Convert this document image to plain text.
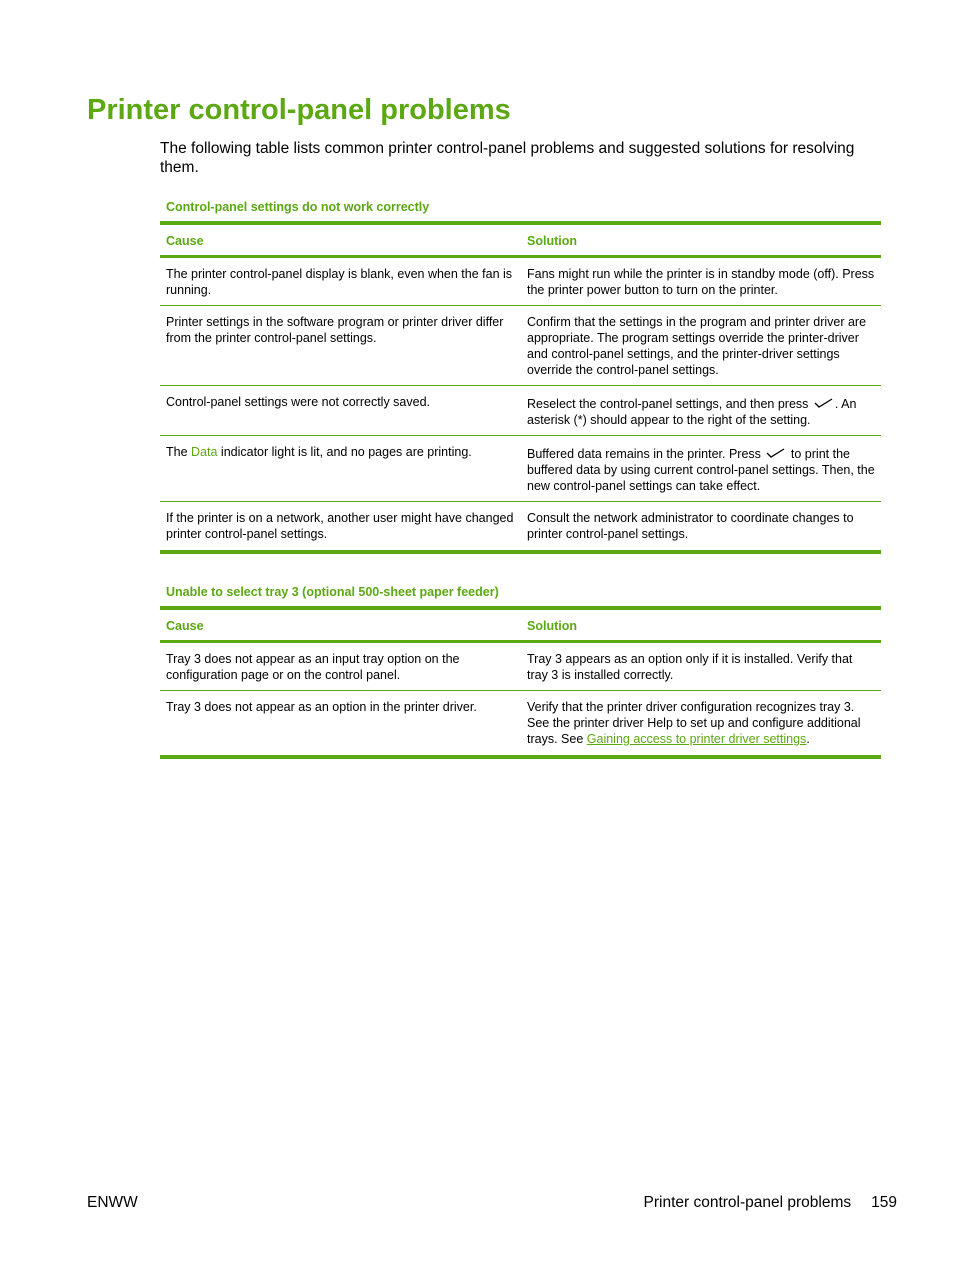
Printer control-panel problems

The following table lists common printer control-panel problems and suggested solutions for resolving them.

Control-panel settings do not work correctly

Cause	Solution
The printer control-panel display is blank, even when the fan is running.	Fans might run while the printer is in standby mode (off). Press the printer power button to turn on the printer.
Printer settings in the software program or printer driver differ from the printer control-panel settings.	Confirm that the settings in the program and printer driver are appropriate. The program settings override the printer-driver and control-panel settings, and the printer-driver settings override the control-panel settings.
Control-panel settings were not correctly saved.	Reselect the control-panel settings, and then press . An asterisk (*) should appear to the right of the setting.
The Data indicator light is lit, and no pages are printing.	Buffered data remains in the printer. Press to print the buffered data by using current control-panel settings. Then, the new control-panel settings can take effect.
If the printer is on a network, another user might have changed printer control-panel settings.	Consult the network administrator to coordinate changes to printer control-panel settings.

Unable to select tray 3 (optional 500-sheet paper feeder)

Cause	Solution
Tray 3 does not appear as an input tray option on the configuration page or on the control panel.	Tray 3 appears as an option only if it is installed. Verify that tray 3 is installed correctly.
Tray 3 does not appear as an option in the printer driver.	Verify that the printer driver configuration recognizes tray 3. See the printer driver Help to set up and configure additional trays. See Gaining access to printer driver settings.

ENWW	Printer control-panel problems 159
